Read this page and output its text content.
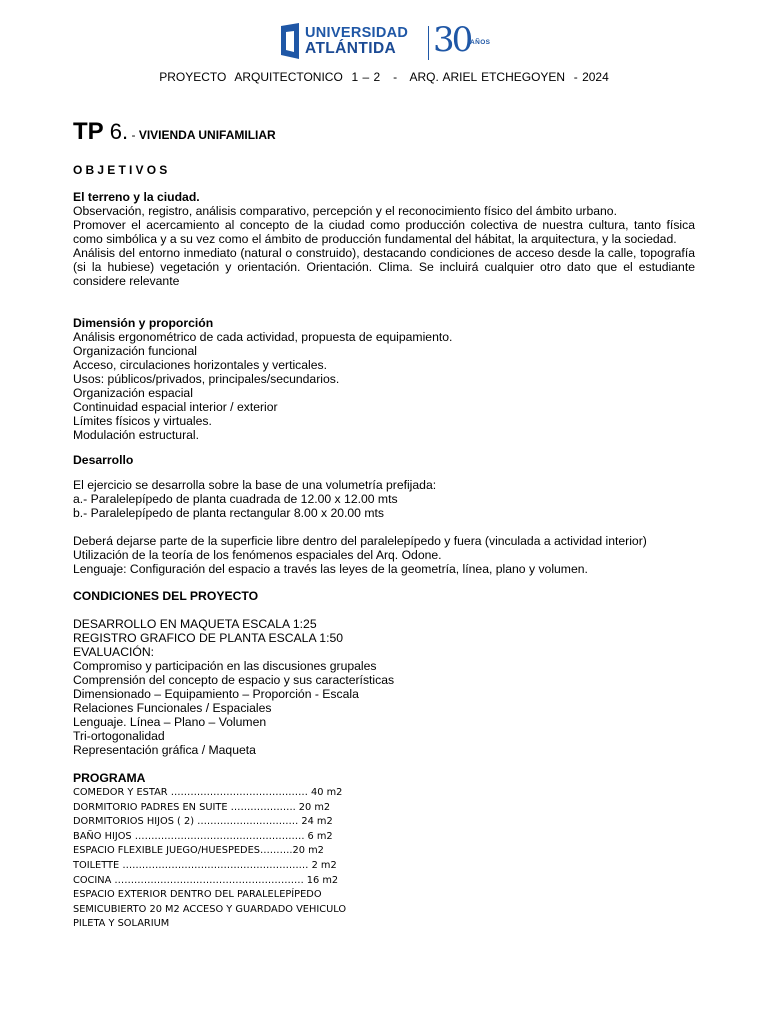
UNIVERSIDAD
ATLÁNTIDA 30 AÑOS
PROYECTO  ARQUITECTONICO  1 – 2   -   ARQ. ARIEL ETCHEGOYEN  - 2024
TP 6. - VIVIENDA UNIFAMILIAR
OBJETIVOS

El terreno y la ciudad.

Observación, registro, análisis comparativo, percepción y el reconocimiento físico del ámbito urbano.

Promover el acercamiento al concepto de la ciudad como producción colectiva de nuestra cultura, tanto física como simbólica y a su vez como el ámbito de producción fundamental del hábitat, la arquitectura, y la sociedad.

Análisis del entorno inmediato (natural o construido), destacando condiciones de acceso desde la calle, topografía (si la hubiese) vegetación y orientación. Orientación. Clima. Se incluirá cualquier otro dato que el estudiante considere relevante

Dimensión y proporción

Análisis ergonométrico de cada actividad, propuesta de equipamiento.

Organización funcional

Acceso, circulaciones horizontales y verticales.

Usos: públicos/privados, principales/secundarios.

Organización espacial

Continuidad espacial interior / exterior

Límites físicos y virtuales.

Modulación estructural.

Desarrollo

El ejercicio se desarrolla sobre la base de una volumetría prefijada:

a.- Paralelepípedo de planta cuadrada de 12.00 x 12.00 mts

b.- Paralelepípedo de planta rectangular 8.00 x 20.00 mts

Deberá dejarse parte de la superficie libre dentro del paralelepípedo y fuera (vinculada a actividad interior)

Utilización de la teoría de los fenómenos espaciales del Arq. Odone.

Lenguaje: Configuración del espacio a través las leyes de la geometría, línea, plano y volumen.

CONDICIONES DEL PROYECTO

DESARROLLO EN MAQUETA ESCALA 1:25

REGISTRO GRAFICO DE PLANTA ESCALA 1:50

EVALUACIÓN:

Compromiso y participación en las discusiones grupales

Comprensión del concepto de espacio y sus características

Dimensionado – Equipamiento – Proporción - Escala

Relaciones Funcionales / Espaciales

Lenguaje. Línea – Plano – Volumen

Tri-ortogonalidad

Representación gráfica / Maqueta

PROGRAMA
COMEDOR Y ESTAR …………………………………… 40 m2
DORMITORIO PADRES EN SUITE ……………….. 20 m2
DORMITORIOS HIJOS ( 2) …………………………. 24 m2
BAÑO HIJOS ……………………………………………. 6 m2
ESPACIO FLEXIBLE JUEGO/HUESPEDES……….20 m2
TOILETTE ………………………………………………… 2 m2
COCINA …………………………………………………. 16 m2
ESPACIO EXTERIOR DENTRO DEL PARALELEPÍPEDO
SEMICUBIERTO 20 M2 ACCESO Y GUARDADO VEHICULO
PILETA Y SOLARIUM
